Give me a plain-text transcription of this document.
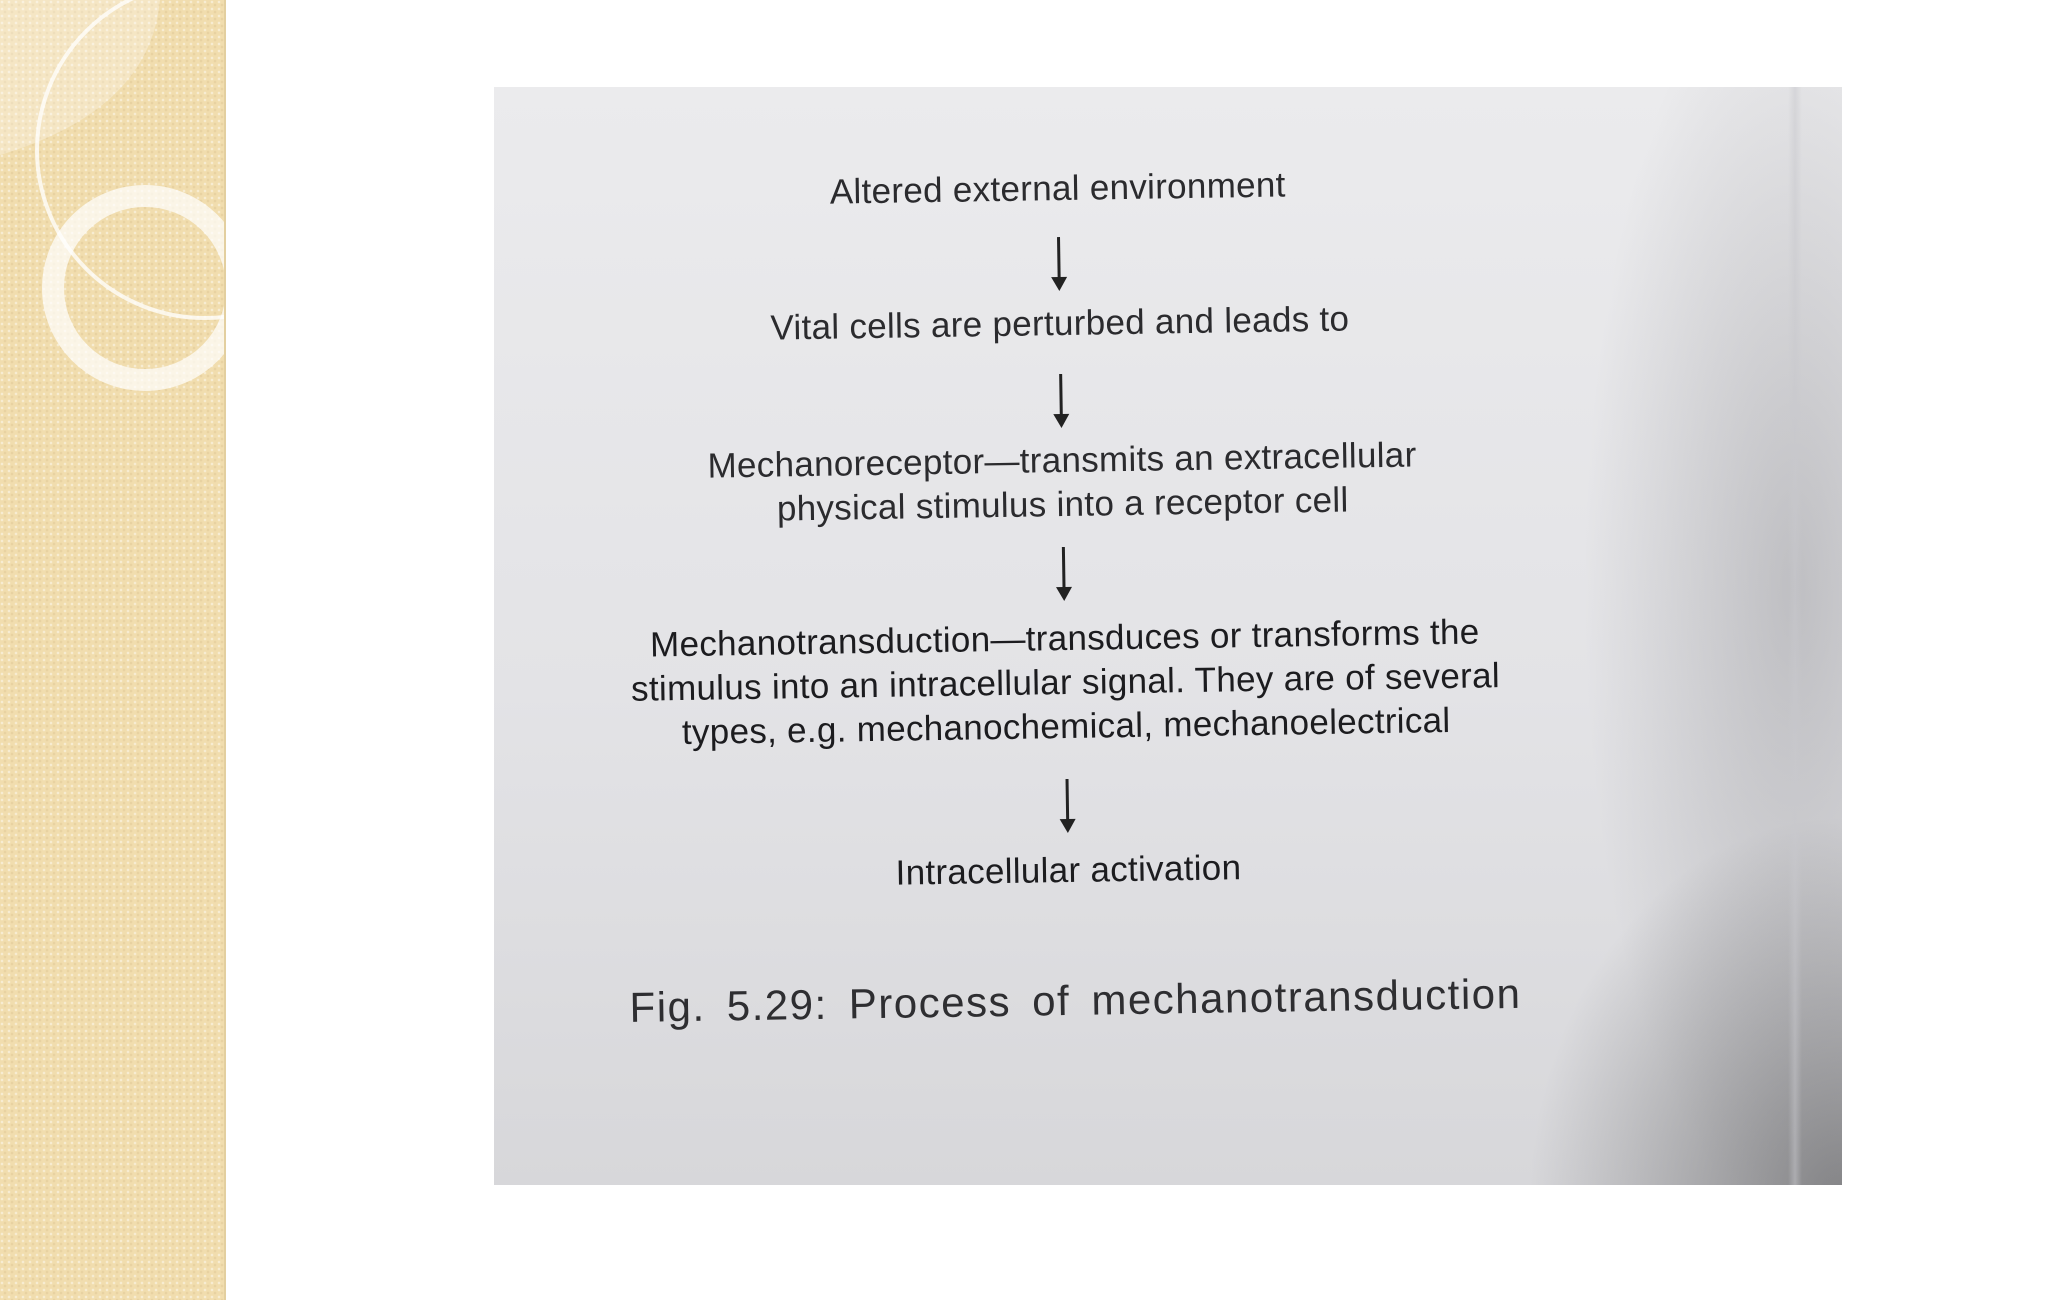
Altered external environment
Vital cells are perturbed and leads to
Mechanoreceptor—transmits an extracellular
physical stimulus into a receptor cell
Mechanotransduction—transduces or transforms the
stimulus into an intracellular signal. They are of several
types, e.g. mechanochemical, mechanoelectrical
Intracellular activation
Fig. 5.29: Process of mechanotransduction
